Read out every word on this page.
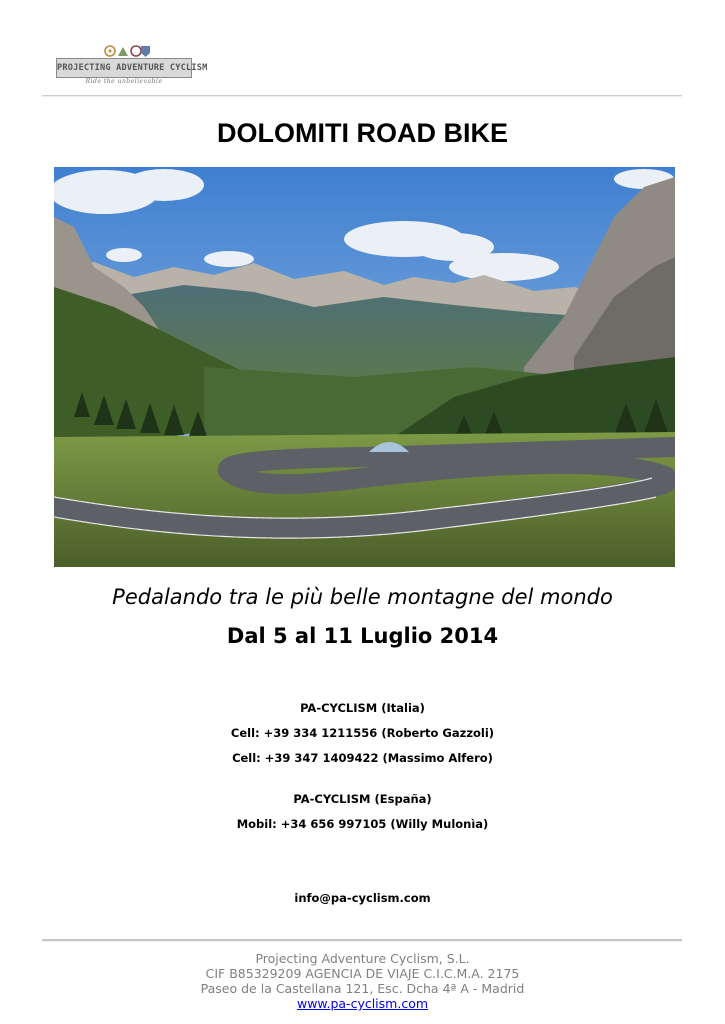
PROJECTING ADVENTURE CYCLISM
Ride the unbelievable
DOLOMITI ROAD BIKE
Pedalando tra le più belle montagne del mondo
Dal 5 al 11 Luglio 2014
PA-CYCLISM (Italia)
Cell: +39 334 1211556 (Roberto Gazzoli)
Cell: +39 347 1409422 (Massimo Alfero)
PA-CYCLISM (España)
Mobil: +34 656 997105 (Willy Mulonìa)
info@pa-cyclism.com
Projecting Adventure Cyclism, S.L.
CIF B85329209 AGENCIA DE VIAJE C.I.C.M.A. 2175
Paseo de la Castellana 121, Esc. Dcha 4ª A - Madrid
www.pa-cyclism.com
